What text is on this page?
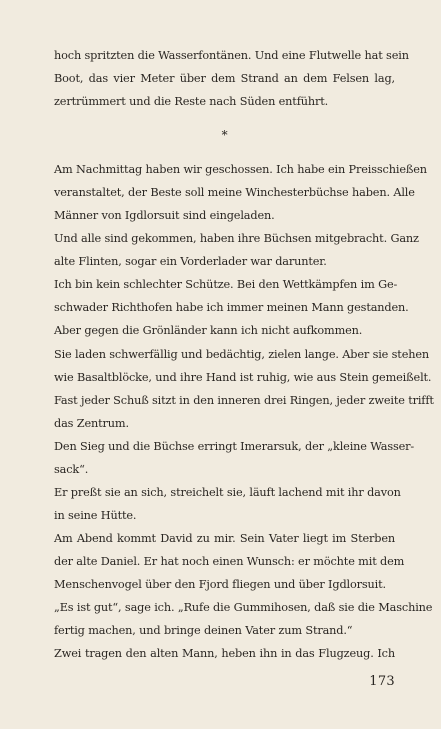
hoch spritzten die Wasserfontänen. Und eine Flutwelle hat sein
Boot, das vier Meter über dem Strand an dem Felsen lag,
zertrümmert und die Reste nach Süden entführt.
*
Am Nachmittag haben wir geschossen. Ich habe ein Preisschießen
veranstaltet, der Beste soll meine Winchesterbüchse haben. Alle
Männer von Igdlorsuit sind eingeladen.
Und alle sind gekommen, haben ihre Büchsen mitgebracht. Ganz
alte Flinten, sogar ein Vorderlader war darunter.
Ich bin kein schlechter Schütze. Bei den Wettkämpfen im Ge-
schwader Richthofen habe ich immer meinen Mann gestanden.
Aber gegen die Grönländer kann ich nicht aufkommen.
Sie laden schwerfällig und bedächtig, zielen lange. Aber sie stehen
wie Basaltblöcke, und ihre Hand ist ruhig, wie aus Stein gemeißelt.
Fast jeder Schuß sitzt in den inneren drei Ringen, jeder zweite trifft
das Zentrum.
Den Sieg und die Büchse erringt Imerarsuk, der „kleine Wasser-
sack“.
Er preßt sie an sich, streichelt sie, läuft lachend mit ihr davon
in seine Hütte.
Am Abend kommt David zu mir. Sein Vater liegt im Sterben
der alte Daniel. Er hat noch einen Wunsch: er möchte mit dem
Menschenvogel über den Fjord fliegen und über Igdlorsuit.
„Es ist gut“, sage ich. „Rufe die Gummihosen, daß sie die Maschine
fertig machen, und bringe deinen Vater zum Strand.“
Zwei tragen den alten Mann, heben ihn in das Flugzeug. Ich
173
